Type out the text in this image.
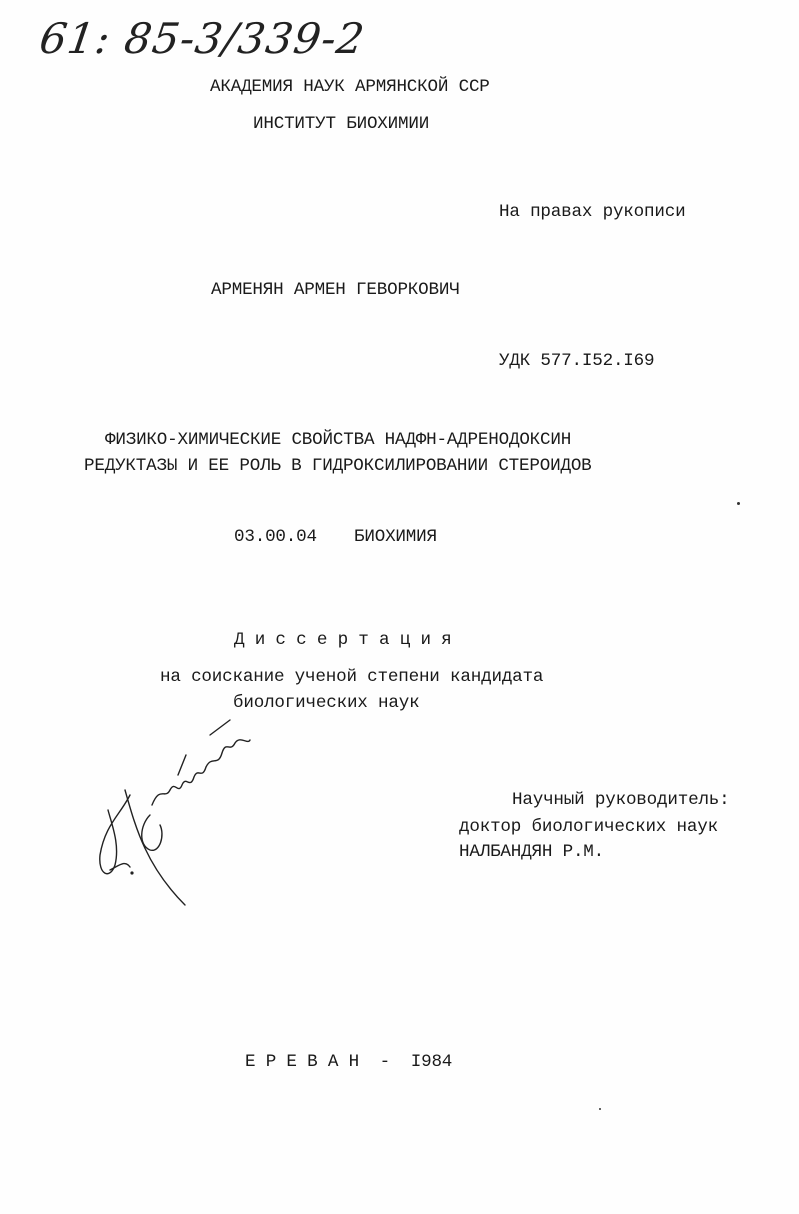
61: 85-3/339-2
АКАДЕМИЯ НАУК АРМЯНСКОЙ ССР
ИНСТИТУТ БИОХИМИИ
На правах рукописи
АРМЕНЯН АРМЕН ГЕВОРКОВИЧ
УДК 577.I52.I69
ФИЗИКО-ХИМИЧЕСКИЕ СВОЙСТВА НАДФН-АДРЕНОДОКСИН
РЕДУКТАЗЫ И ЕЕ РОЛЬ В ГИДРОКСИЛИРОВАНИИ СТЕРОИДОВ
03.00.04 БИОХИМИЯ
Д и с с е р т а ц и я
на соискание ученой степени кандидата
биологических наук
Научный руководитель:
доктор биологических наук
НАЛБАНДЯН Р.М.
Е Р Е В А Н  -  I984
